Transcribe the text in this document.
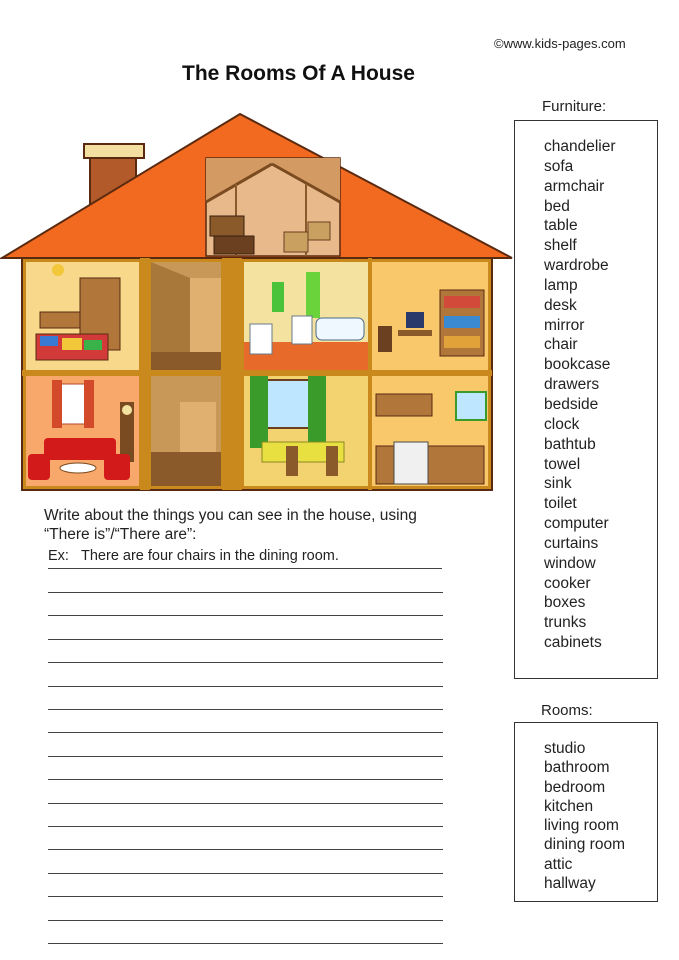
©www.kids-pages.com
The Rooms Of A House
Write about the things you can see in the house, using “There is”/“There are”:
Ex: There are four chairs in the dining room.
Furniture:
chandelier
sofa
armchair
bed
table
shelf
wardrobe
lamp
desk
mirror
chair
bookcase
drawers
bedside
clock
bathtub
towel
sink
toilet
computer
curtains
window
cooker
boxes
trunks
cabinets
Rooms:
studio
bathroom
bedroom
kitchen
living room
dining room
attic
hallway
